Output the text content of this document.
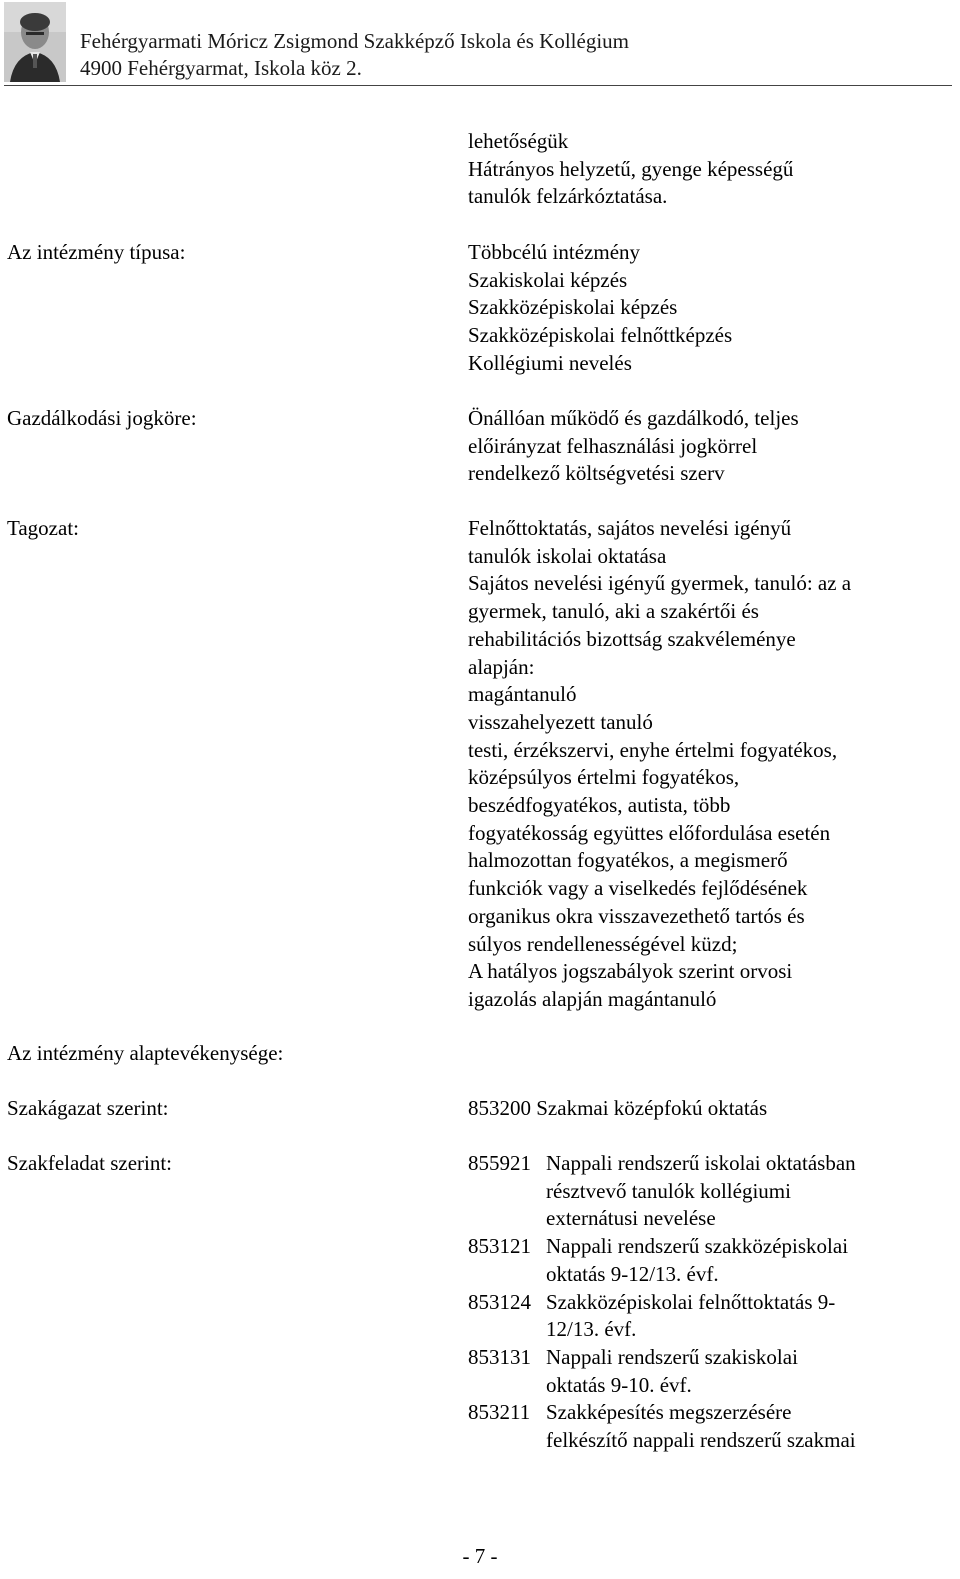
Fehérgyarmati Móricz Zsigmond Szakképző Iskola és Kollégium
4900 Fehérgyarmat, Iskola köz 2.
lehetőségük
Hátrányos helyzetű, gyenge képességű
tanulók felzárkóztatása.
Az intézmény típusa:	Többcélú intézmény
Szakiskolai képzés
Szakközépiskolai képzés
Szakközépiskolai felnőttképzés
Kollégiumi nevelés
Gazdálkodási jogköre:	Önállóan működő és gazdálkodó, teljes
előirányzat felhasználási jogkörrel
rendelkező költségvetési szerv
Tagozat:	Felnőttoktatás, sajátos nevelési igényű
tanulók iskolai oktatása
Sajátos nevelési igényű gyermek, tanuló: az a
gyermek, tanuló, aki a szakértői és
rehabilitációs bizottság szakvéleménye
alapján:
magántanuló
visszahelyezett tanuló
testi, érzékszervi, enyhe értelmi fogyatékos,
középsúlyos értelmi fogyatékos,
beszédfogyatékos, autista, több
fogyatékosság együttes előfordulása esetén
halmozottan fogyatékos, a megismerő
funkciók vagy a viselkedés fejlődésének
organikus okra visszavezethető tartós és
súlyos rendellenességével küzd;
A hatályos jogszabályok szerint orvosi
igazolás alapján magántanuló
Az intézmény alaptevékenysége:
Szakágazat szerint:	853200 Szakmai középfokú oktatás
Szakfeladat szerint:	855921 Nappali rendszerű iskolai oktatásban
résztvevő tanulók kollégiumi
externátusi nevelése
853121 Nappali rendszerű szakközépiskolai
oktatás 9-12/13. évf.
853124 Szakközépiskolai felnőttoktatás 9-
12/13. évf.
853131 Nappali rendszerű szakiskolai
oktatás 9-10. évf.
853211 Szakképesítés megszerzésére
felkészítő nappali rendszerű szakmai
- 7 -
